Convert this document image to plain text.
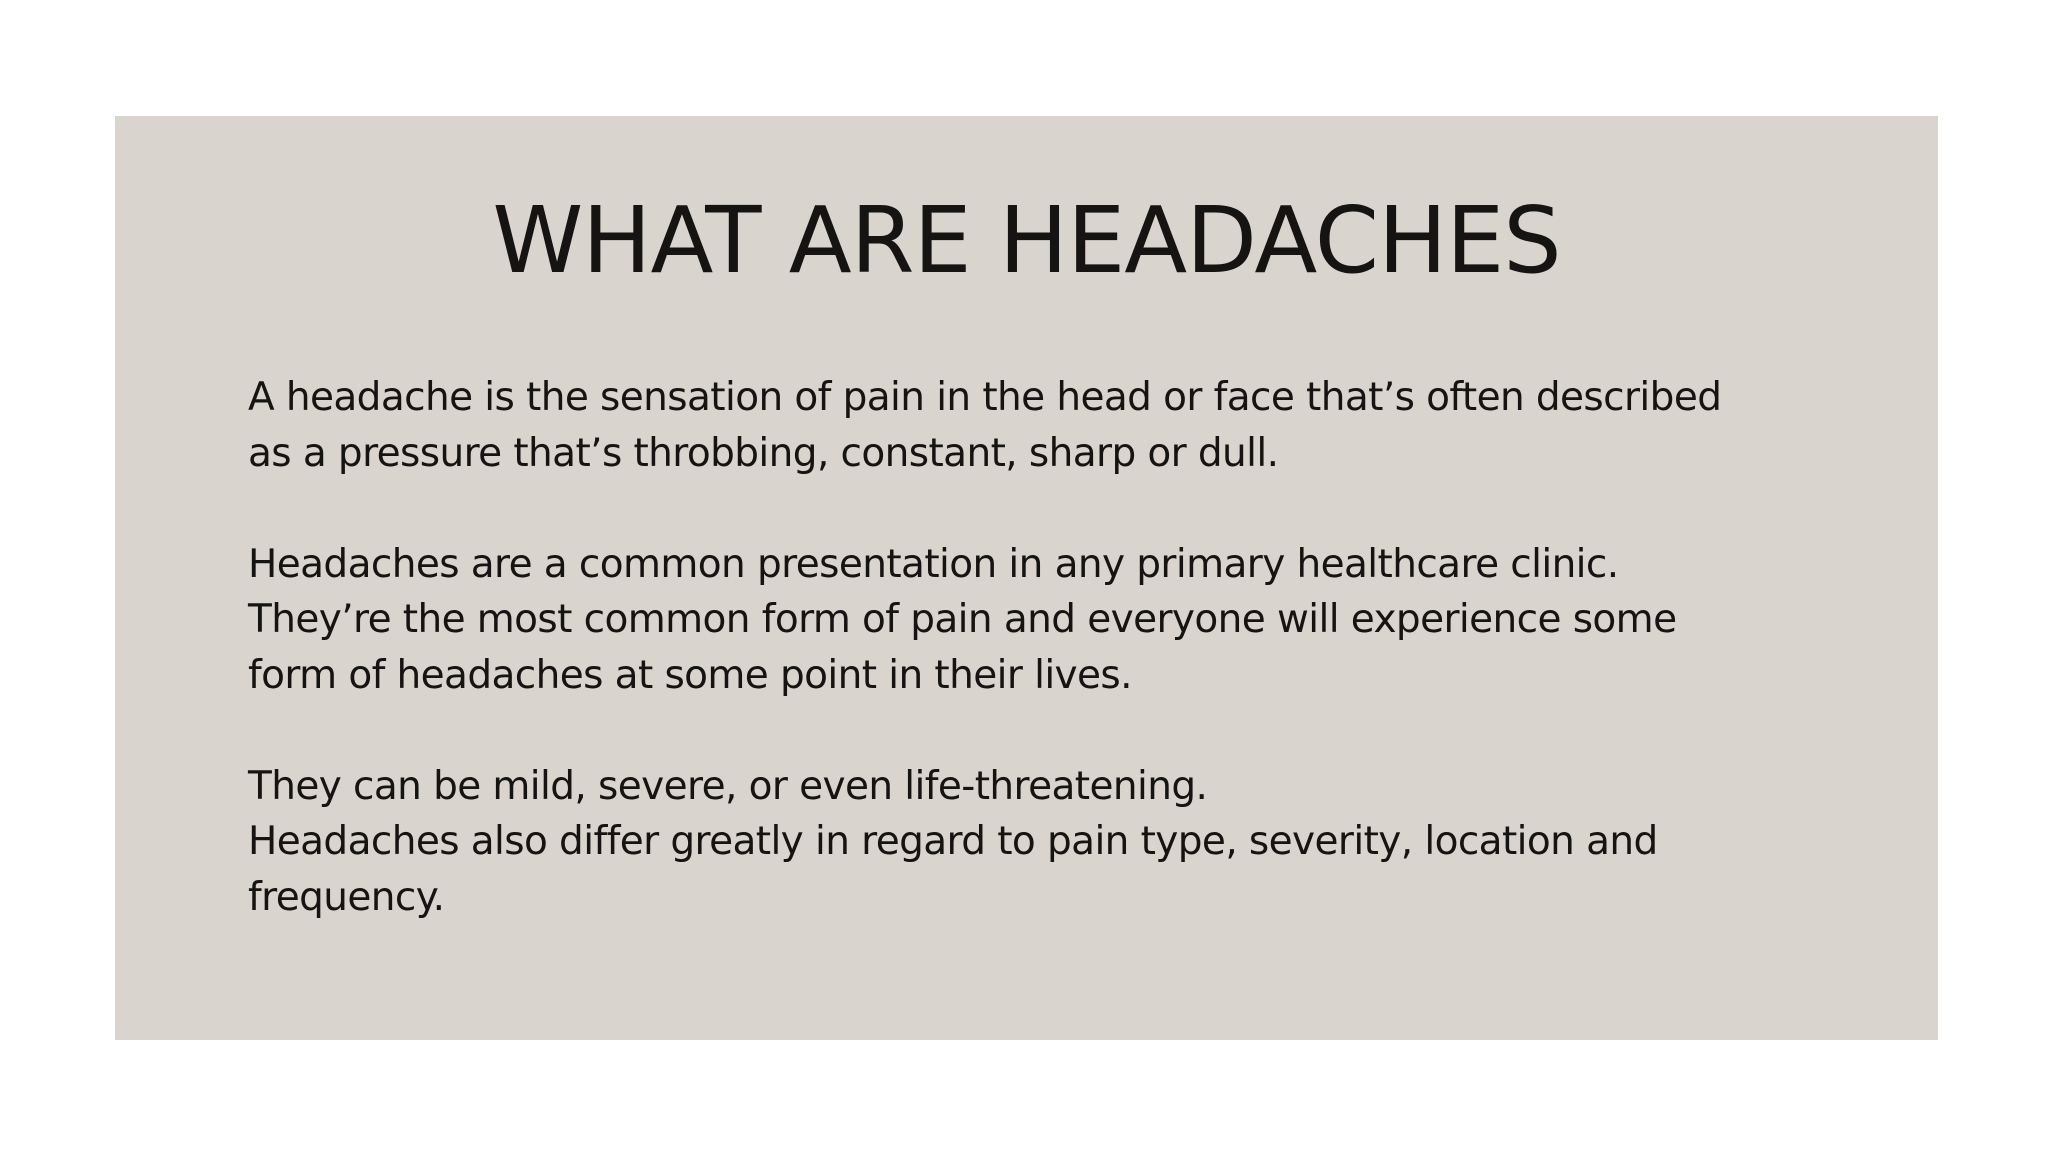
WHAT ARE HEADACHES

A headache is the sensation of pain in the head or face that’s often described
as a pressure that’s throbbing, constant, sharp or dull.

Headaches are a common presentation in any primary healthcare clinic.
They’re the most common form of pain and everyone will experience some
form of headaches at some point in their lives.

They can be mild, severe, or even life-threatening.
Headaches also differ greatly in regard to pain type, severity, location and
frequency.
